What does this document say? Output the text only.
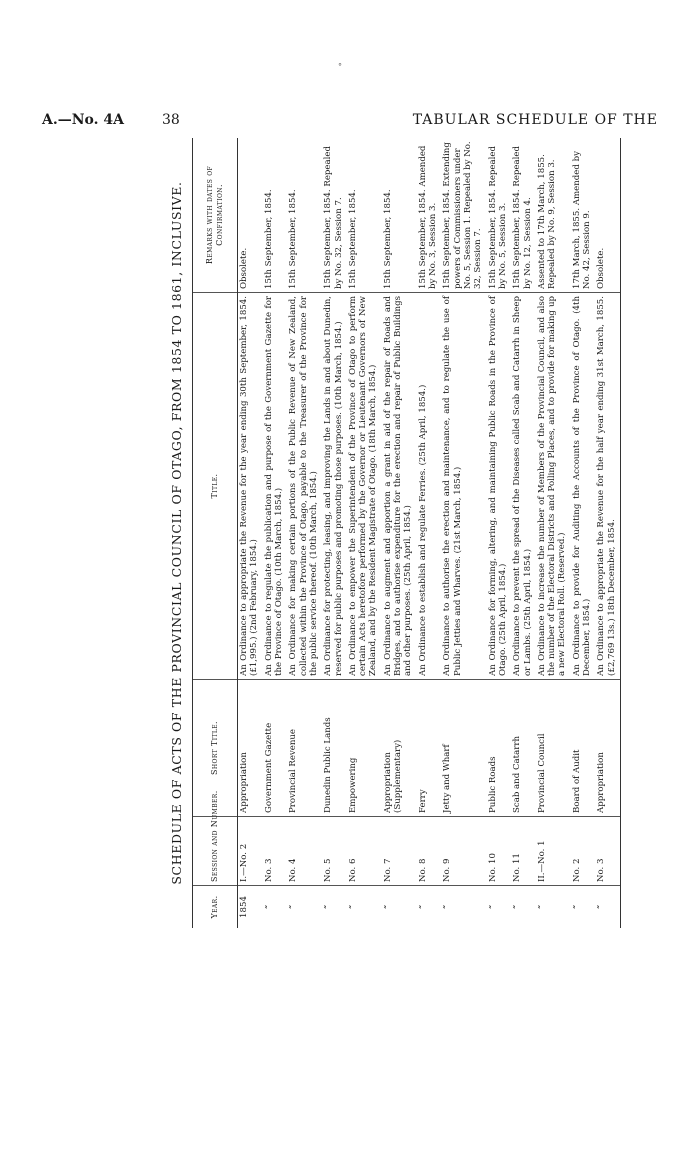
°
A.—No. 4A	38	TABULAR SCHEDULE OF THE
SCHEDULE OF ACTS OF THE PROVINCIAL COUNCIL OF OTAGO, FROM 1854 TO 1861, INCLUSIVE.
Year.	Session and Number.	Short Title.	Title.	Remarks with dates of Confirmation.
1854	I.—No. 2	Appropriation	An Ordinance to appropriate the Revenue for the year ending 30th September, 1854. (£1,995.) (2nd February, 1854.)	Obsolete.
“	No. 3	Government Gazette	An Ordinance to regulate the publication and purpose of the Government Gazette for the Province of Otago. (10th March, 1854.)	15th September, 1854.
“	No. 4	Provincial Revenue	An Ordinance for making certain portions of the Public Revenue of New Zealand, collected within the Province of Otago, payable to the Treasurer of the Province for the public service thereof. (10th March, 1854.)	15th September, 1854.
“	No. 5	Dunedin Public Lands	An Ordinance for protecting, leasing, and improving the Lands in and about Dunedin, reserved for public purposes and promoting those purposes. (10th March, 1854.)	15th September, 1854. Repealed by No. 32, Session 7.
“	No. 6	Empowering	An Ordinance to empower the Superintendent of the Province of Otago to perform certain Acts heretofore performed by the Governor or Lieutenant Governors of New Zealand, and by the Resident Magistrate of Otago. (18th March, 1854.)	15th September, 1854.
“	No. 7	Appropriation (Supplementary)	An Ordinance to augment and apportion a grant in aid of the repair of Roads and Bridges, and to authorise expenditure for the erection and repair of Public Buildings and other purposes. (25th April, 1854.)	15th September, 1854.
“	No. 8	Ferry	An Ordinance to establish and regulate Ferries. (25th April, 1854.)	15th September, 1854. Amended by No. 3, Session 3.
“	No. 9	Jetty and Wharf	An Ordinance to authorise the erection and maintenance, and to regulate the use of Public Jetties and Wharves. (21st March, 1854.)	15th September, 1854. Extending powers of Commissioners under No. 5, Session 1. Repealed by No. 32, Session 7.
“	No. 10	Public Roads	An Ordinance for forming, altering, and maintaining Public Roads in the Province of Otago. (25th April, 1854.)	15th September, 1854. Repealed by No. 5, Session 3.
“	No. 11	Scab and Catarrh	An Ordinance to prevent the spread of the Diseases called Scab and Catarrh in Sheep or Lambs. (25th April, 1854.)	15th September, 1854. Repealed by No. 12, Session 4.
“	II.—No. 1	Provincial Council	An Ordinance to increase the number of Members of the Provincial Council, and also the number of the Electoral Districts and Polling Places, and to provide for making up a new Electoral Roll. (Reserved.)	Assented to 17th March, 1855. Repealed by No. 9, Session 3.
“	No. 2	Board of Audit	An Ordinance to provide for Auditing the Accounts of the Province of Otago. (4th December, 1854.)	17th March, 1855. Amended by No. 42, Session 9.
“	No. 3	Appropriation	An Ordinance to appropriate the Revenue for the half year ending 31st March, 1855. (£2,769 13s.) 18th December, 1854.	Obsolete.
